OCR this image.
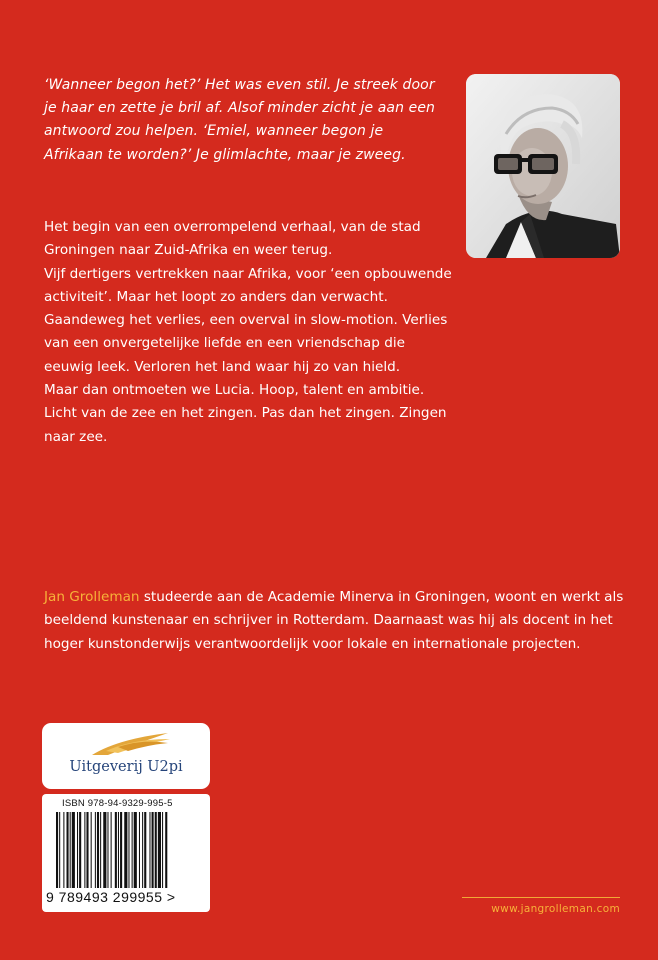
‘Wanneer begon het?’ Het was even stil. Je streek door je haar en zette je bril af. Alsof minder zicht je aan een antwoord zou helpen. ‘Emiel, wanneer begon je Afrikaan te worden?’ Je glimlachte, maar je zweeg.

Het begin van een overrompelend verhaal, van de stad Groningen naar Zuid-Afrika en weer terug.

Vijf dertigers vertrekken naar Afrika, voor ‘een opbouwende activiteit’. Maar het loopt zo anders dan verwacht. Gaandeweg het verlies, een overval in slow-motion. Verlies van een onvergetelijke liefde en een vriendschap die eeuwig leek. Verloren het land waar hij zo van hield.

Maar dan ontmoeten we Lucia. Hoop, talent en ambitie. Licht van de zee en het zingen. Pas dan het zingen. Zingen naar zee.

Jan Grolleman studeerde aan de Academie Minerva in Groningen, woont en werkt als beeldend kunstenaar en schrijver in Rotterdam. Daarnaast was hij als docent in het hoger kunstonderwijs verantwoordelijk voor lokale en internationale projecten.

Uitgeverij U2pi
ISBN 978-94-9329-995-5
9 789493 299955 >
www.jangrolleman.com
